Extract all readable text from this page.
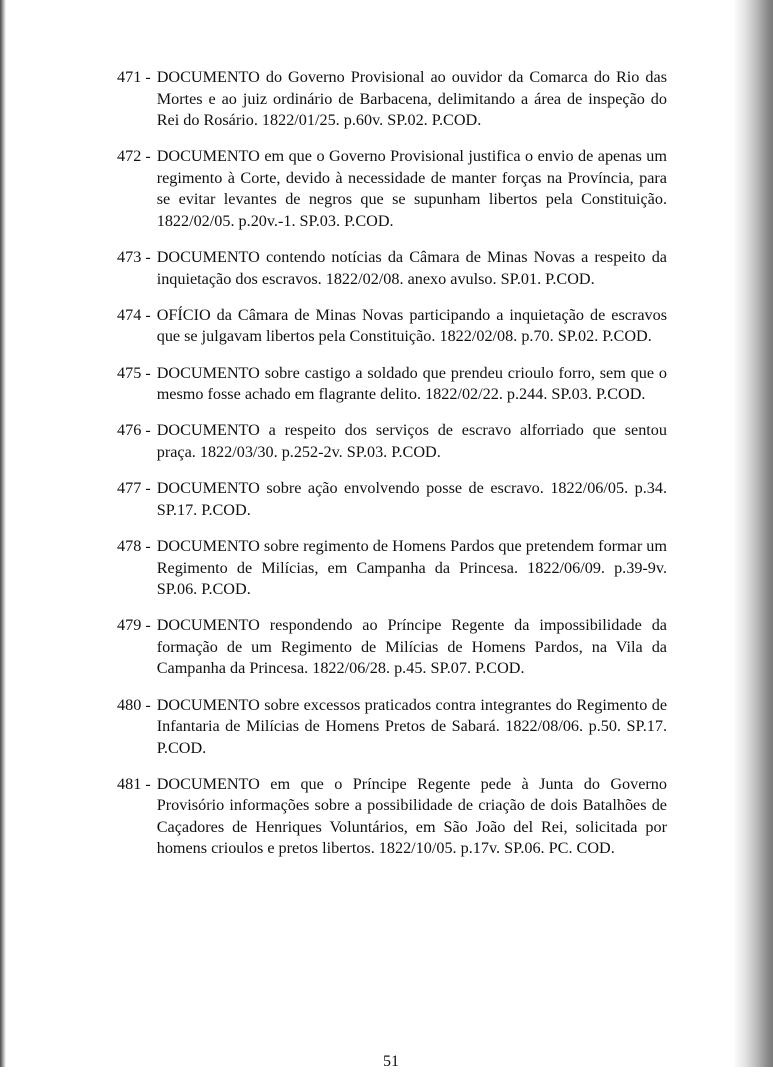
471 - DOCUMENTO do Governo Provisional ao ouvidor da Comarca do Rio das Mortes e ao juiz ordinário de Barbacena, delimitando a área de inspeção do Rei do Rosário. 1822/01/25. p.60v. SP.02. P.COD.
472 - DOCUMENTO em que o Governo Provisional justifica o envio de apenas um regimento à Corte, devido à necessidade de manter forças na Província, para se evitar levantes de negros que se supunham libertos pela Constituição. 1822/02/05. p.20v.-1. SP.03. P.COD.
473 - DOCUMENTO contendo notícias da Câmara de Minas Novas a respeito da inquietação dos escravos. 1822/02/08. anexo avulso. SP.01. P.COD.
474 - OFÍCIO da Câmara de Minas Novas participando a inquietação de escravos que se julgavam libertos pela Constituição. 1822/02/08. p.70. SP.02. P.COD.
475 - DOCUMENTO sobre castigo a soldado que prendeu crioulo forro, sem que o mesmo fosse achado em flagrante delito. 1822/02/22. p.244. SP.03. P.COD.
476 - DOCUMENTO a respeito dos serviços de escravo alforriado que sentou praça. 1822/03/30. p.252-2v. SP.03. P.COD.
477 - DOCUMENTO sobre ação envolvendo posse de escravo. 1822/06/05. p.34. SP.17. P.COD.
478 - DOCUMENTO sobre regimento de Homens Pardos que pretendem formar um Regimento de Milícias, em Campanha da Princesa. 1822/06/09. p.39-9v. SP.06. P.COD.
479 - DOCUMENTO respondendo ao Príncipe Regente da impossibilidade da formação de um Regimento de Milícias de Homens Pardos, na Vila da Campanha da Princesa. 1822/06/28. p.45. SP.07. P.COD.
480 - DOCUMENTO sobre excessos praticados contra integrantes do Regimento de Infantaria de Milícias de Homens Pretos de Sabará. 1822/08/06. p.50. SP.17. P.COD.
481 - DOCUMENTO em que o Príncipe Regente pede à Junta do Governo Provisório informações sobre a possibilidade de criação de dois Batalhões de Caçadores de Henriques Voluntários, em São João del Rei, solicitada por homens crioulos e pretos libertos. 1822/10/05. p.17v. SP.06. PC. COD.
51
